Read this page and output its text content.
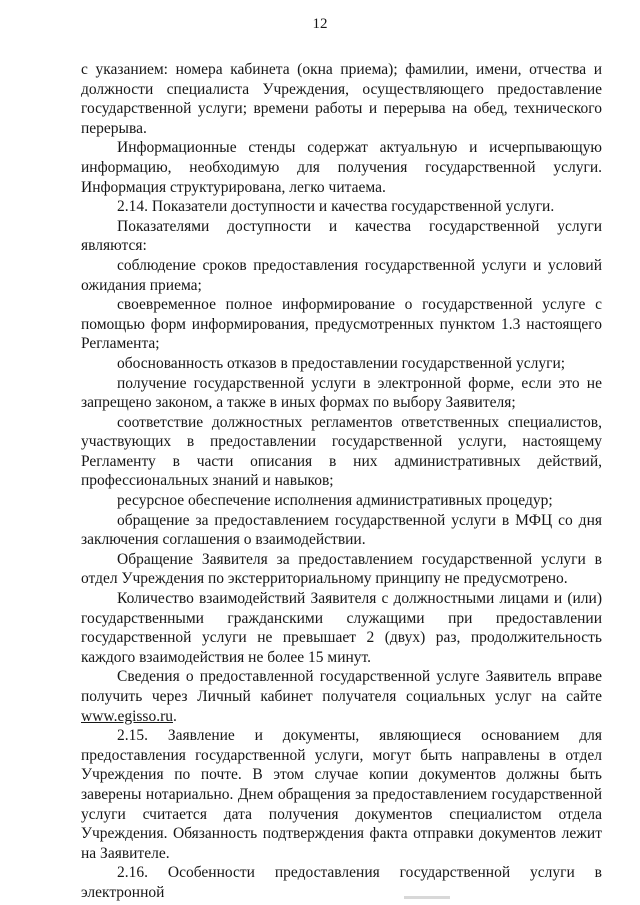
12

с указанием: номера кабинета (окна приема); фамилии, имени, отчества и должности специалиста Учреждения, осуществляющего предоставление государственной услуги; времени работы и перерыва на обед, технического перерыва.

Информационные стенды содержат актуальную и исчерпывающую информацию, необходимую для получения государственной услуги. Информация структурирована, легко читаема.

2.14. Показатели доступности и качества государственной услуги.

Показателями доступности и качества государственной услуги являются:

соблюдение сроков предоставления государственной услуги и условий ожидания приема;

своевременное полное информирование о государственной услуге с помощью форм информирования, предусмотренных пунктом 1.3 настоящего Регламента;

обоснованность отказов в предоставлении государственной услуги;

получение государственной услуги в электронной форме, если это не запрещено законом, а также в иных формах по выбору Заявителя;

соответствие должностных регламентов ответственных специалистов, участвующих в предоставлении государственной услуги, настоящему Регламенту в части описания в них административных действий, профессиональных знаний и навыков;

ресурсное обеспечение исполнения административных процедур;

обращение за предоставлением государственной услуги в МФЦ со дня заключения соглашения о взаимодействии.

Обращение Заявителя за предоставлением государственной услуги в отдел Учреждения по экстерриториальному принципу не предусмотрено.

Количество взаимодействий Заявителя с должностными лицами и (или) государственными гражданскими служащими при предоставлении государственной услуги не превышает 2 (двух) раз, продолжительность каждого взаимодействия не более 15 минут.

Сведения о предоставленной государственной услуге Заявитель вправе получить через Личный кабинет получателя социальных услуг на сайте www.egisso.ru.

2.15. Заявление и документы, являющиеся основанием для предоставления государственной услуги, могут быть направлены в отдел Учреждения по почте. В этом случае копии документов должны быть заверены нотариально. Днем обращения за предоставлением государственной услуги считается дата получения документов специалистом отдела Учреждения. Обязанность подтверждения факта отправки документов лежит на Заявителе.

2.16. Особенности предоставления государственной услуги в электронной
